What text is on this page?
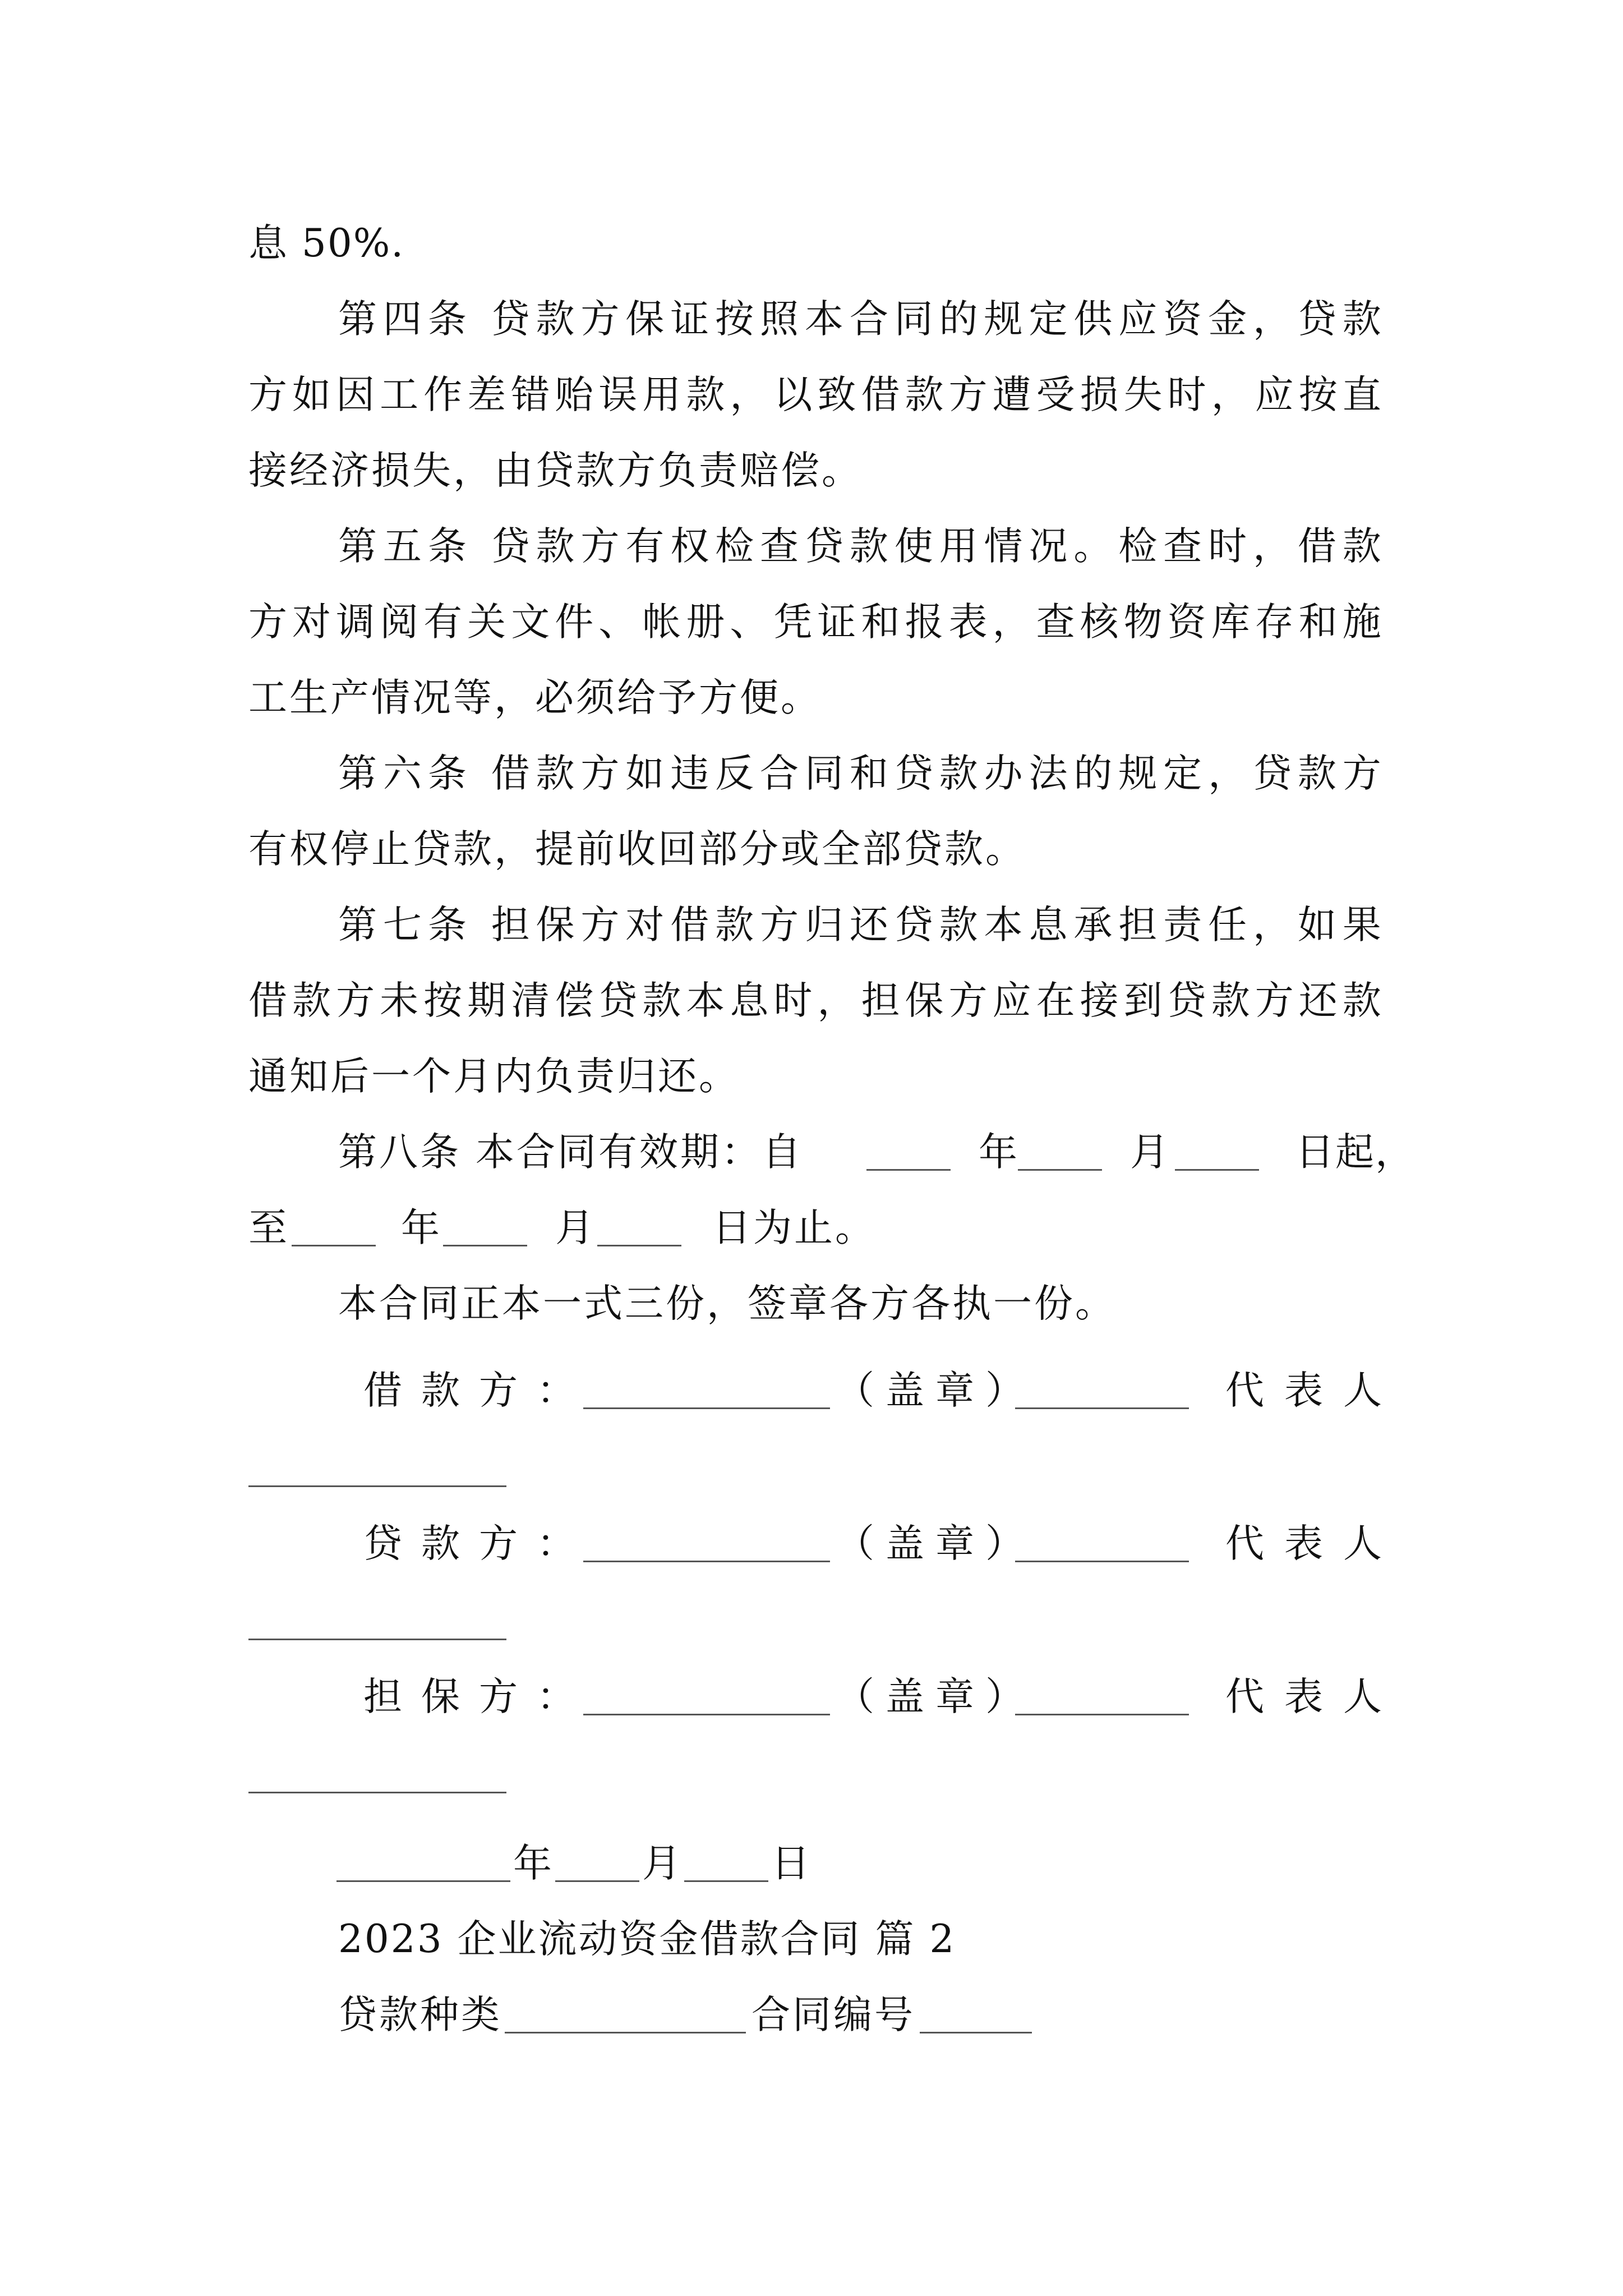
息 50%.
第 四 条
贷 款 方 保 证 按 照 本 合 同 的 规 定 供 应 资 金 ， 贷 款
方 如 因 工 作 差 错 贻 误 用 款 ， 以 致 借 款 方 遭 受 损 失 时 ， 应 按 直
接经济损失，由贷款方负责赔偿。
第 五 条
贷 款 方 有 权 检 查 贷 款 使 用 情 况 。 检 查 时 ， 借 款
方 对 调 阅 有 关 文 件 、 帐 册 、 凭 证 和 报 表 ， 查 核 物 资 库 存 和 施
工生产情况等，必须给予方便。
第 六 条
借 款 方 如 违 反 合 同 和 贷 款 办 法 的 规 定 ， 贷 款 方
有权停止贷款，提前收回部分或全部贷款。
第 七 条
担 保 方 对 借 款 方 归 还 贷 款 本 息 承 担 责 任 ， 如 果
借 款 方 未 按 期 清 偿 贷 款 本 息 时 ， 担 保 方 应 在 接 到 贷 款 方 还 款
通知后一个月内负责归还。
第八条 本合同有效期：自	年	月	日起，
至	年	月	日为止。
本合同正本一式三份，签章各方各执一份。
借款方：	（盖章）	代表人
贷款方：	（盖章）	代表人
担保方：	（盖章）	代表人
年 月 日
2023 企业流动资金借款合同 篇 2
贷款种类	合同编号
